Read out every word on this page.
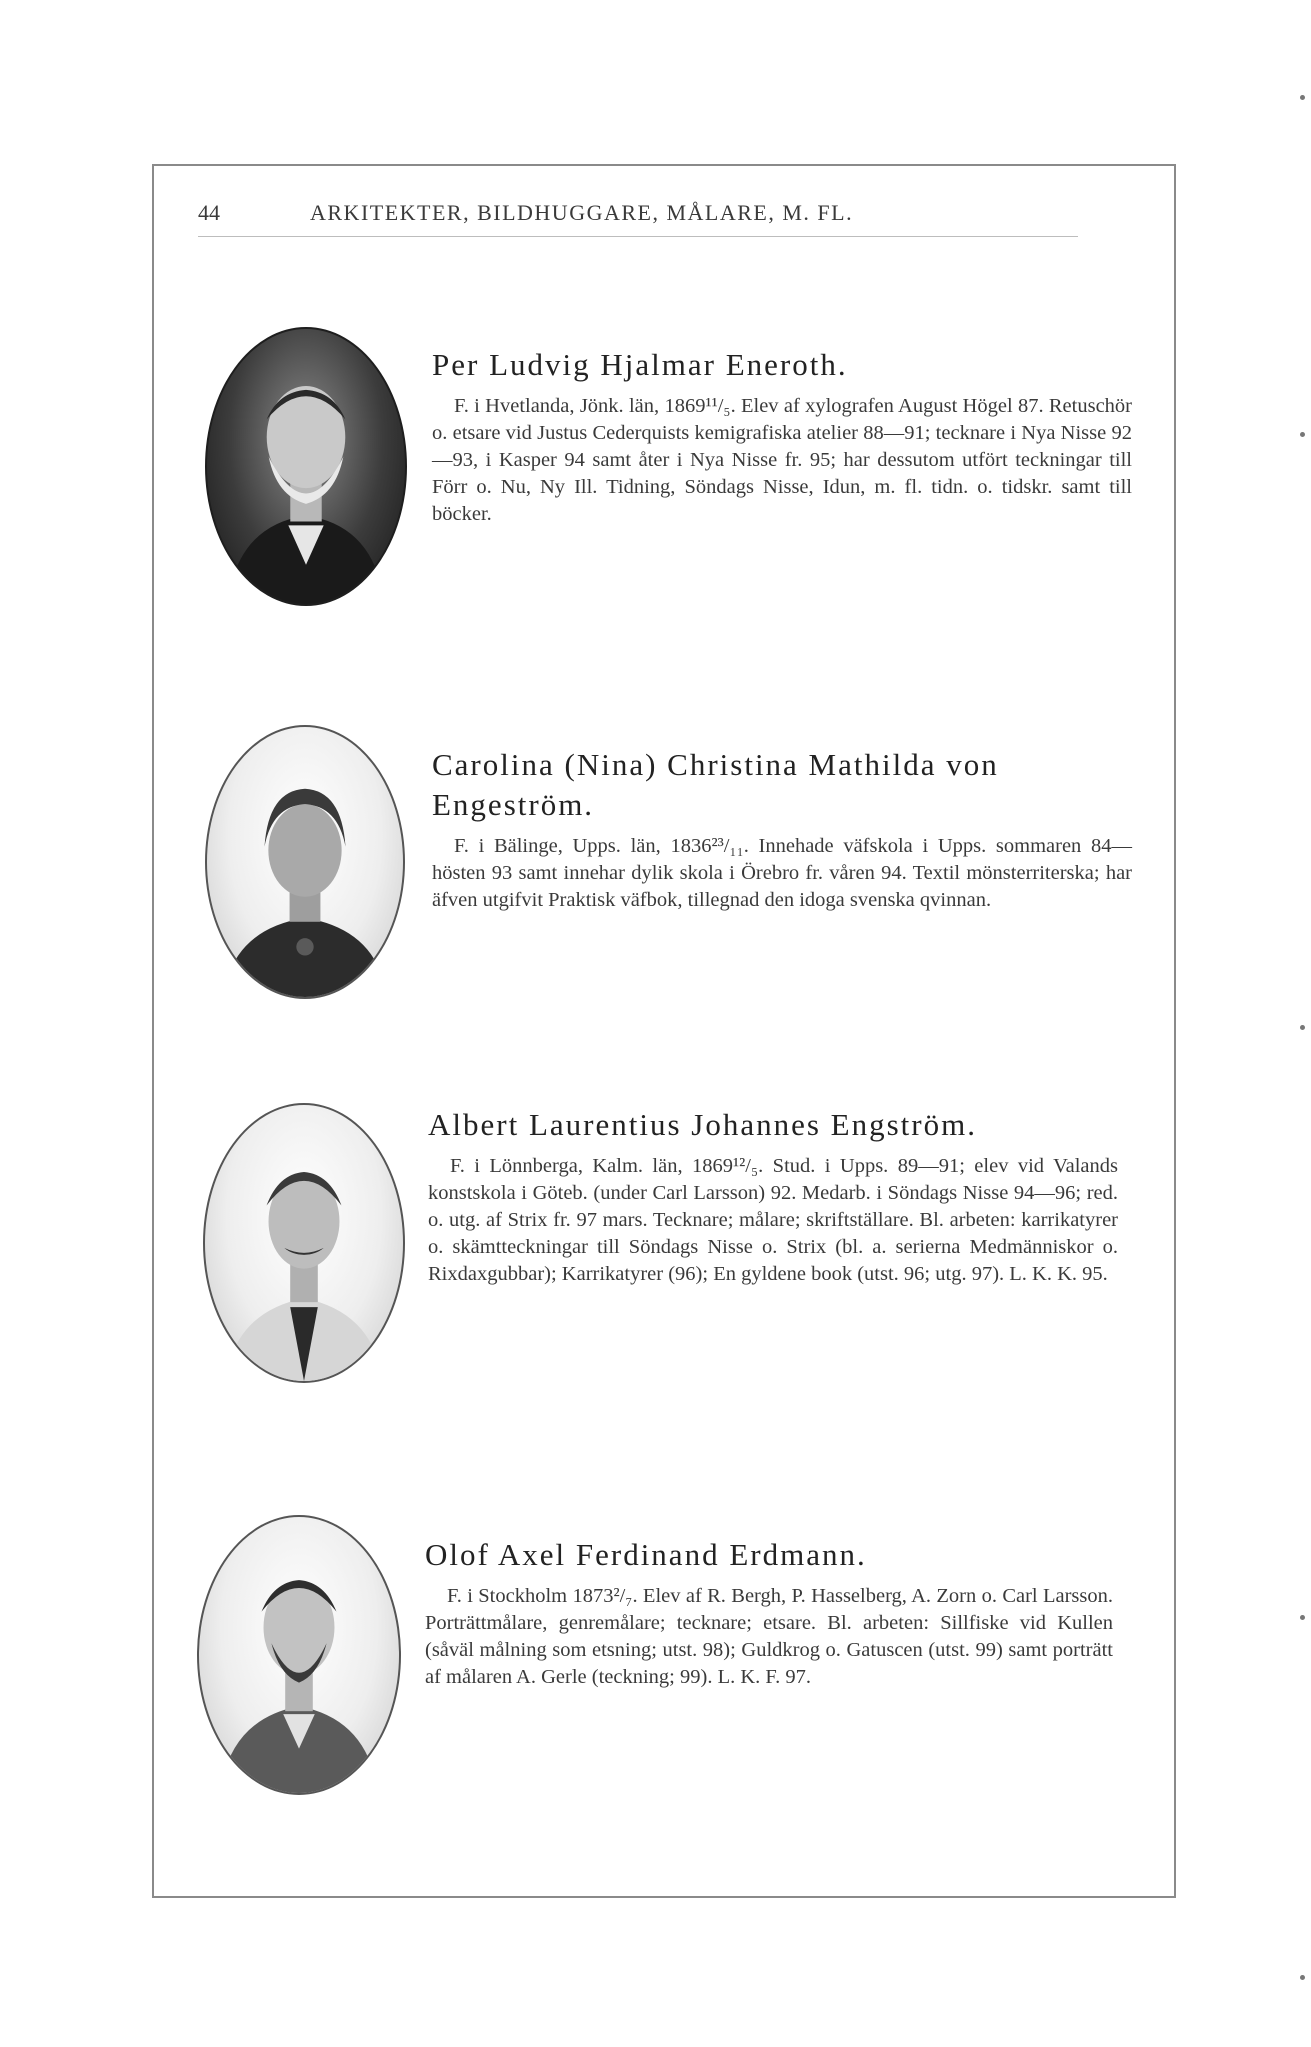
44	ARKITEKTER, BILDHUGGARE, MÅLARE, M. FL.

Per Ludvig Hjalmar Eneroth.

F. i Hvetlanda, Jönk. län, 1869¹¹/₅. Elev af xylografen August Högel 87. Retuschör o. etsare vid Justus Cederquists kemigrafiska atelier 88—91; tecknare i Nya Nisse 92—93, i Kasper 94 samt åter i Nya Nisse fr. 95; har dessutom utfört teckningar till Förr o. Nu, Ny Ill. Tidning, Söndags Nisse, Idun, m. fl. tidn. o. tidskr. samt till böcker.

Carolina (Nina) Christina Mathilda von Engeström.

F. i Bälinge, Upps. län, 1836²³/₁₁. Innehade väfskola i Upps. sommaren 84—hösten 93 samt innehar dylik skola i Örebro fr. våren 94. Textil mönsterriterska; har äfven utgifvit Praktisk väfbok, tillegnad den idoga svenska qvinnan.

Albert Laurentius Johannes Engström.

F. i Lönnberga, Kalm. län, 1869¹²/₅. Stud. i Upps. 89—91; elev vid Valands konstskola i Göteb. (under Carl Larsson) 92. Medarb. i Söndags Nisse 94—96; red. o. utg. af Strix fr. 97 mars. Tecknare; målare; skriftställare. Bl. arbeten: karrikatyrer o. skämtteckningar till Söndags Nisse o. Strix (bl. a. serierna Medmänniskor o. Rixdaxgubbar); Karrikatyrer (96); En gyldene book (utst. 96; utg. 97). L. K. K. 95.

Olof Axel Ferdinand Erdmann.

F. i Stockholm 1873²/₇. Elev af R. Bergh, P. Hasselberg, A. Zorn o. Carl Larsson. Porträttmålare, genremålare; tecknare; etsare. Bl. arbeten: Sillfiske vid Kullen (såväl målning som etsning; utst. 98); Guldkrog o. Gatuscen (utst. 99) samt porträtt af målaren A. Gerle (teckning; 99). L. K. F. 97.
